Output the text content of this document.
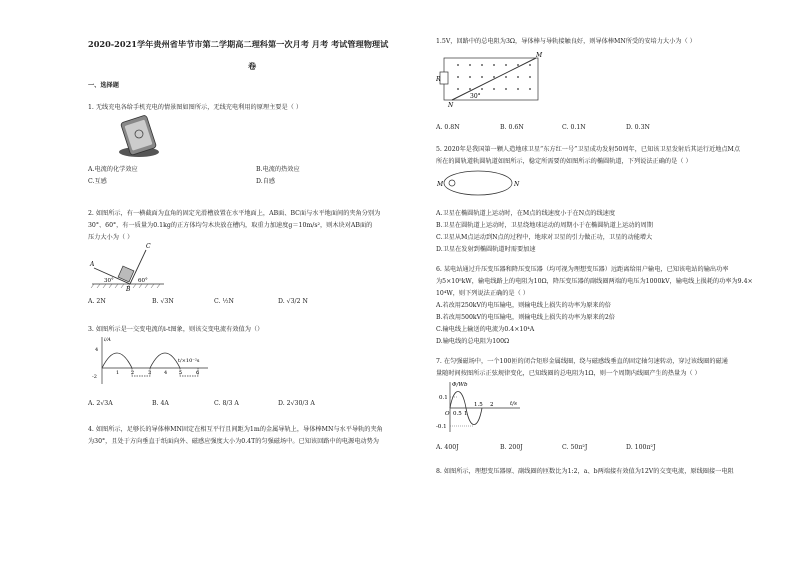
2020-2021学年贵州省毕节市第二学期高二理科第一次月考 月考 考试管理物理试
卷
一、选择题
1. 无线充电各给手机充电的情景图如图所示，无线充电利用的原理主要是（ ）
A.电流的化学效应	B.电流的热效应
C.互感	D.自感
2. 如图所示，有一横截面为直角的固定光滑槽放置在水平地面上，AB面、BC面与水平地面间的夹角分别为
30°、60°，有一质量为0.1kg的正方体均匀木块放在槽内，取重力加速度g＝10m/s²，则木块对AB面的
压力大小为（ ）
A
B
C
30°	60°
A. 2N	B. √3N	C. ½N	D. √3/2 N
3. 如图所示是一交变电流的i-t图象，则该交变电流有效值为（）
i/A
t/×10⁻²s
4
-2
1 2	3	4 5	6
A. 2√3A	B. 4A	C. 8/3 A	D. 2√30/3 A
4. 如图所示，足够长的导体棒MN固定在相互平行且间距为1m的金属导轨上，导体棒MN与水平导轨的夹角
为30°，且处于方向垂直于纸面向外、磁感应强度大小为0.4T的匀强磁场中。已知该回路中的电源电动势为
1.5V，回路中的总电阻为3Ω，导体棒与导轨接触良好，则导体棒MN所受的安培力大小为（ ）
R
M
N
30°
A. 0.8N	B. 0.6N	C. 0.1N	D. 0.3N
5. 2020年是我国第一颗人造地球卫星“东方红一号”卫星成功发射50周年，已知该卫星发射后其运行近地点M点
所在的圆轨道轨圆轨道如图所示，稳定所需要的如图所示的椭圆轨道，下列说法正确的是（ ）
M	N
A.卫星在椭圆轨道上运动时，在M点的线速度小于在N点的线速度
B.卫星在圆轨道上运动时，卫星绕地球运动的周期小于在椭圆轨道上运动的周期
C.卫星从M点运动到N点的过程中，地球对卫星的引力做正功，卫星的动能增大
D.卫星在发射到椭圆轨道时需要加速
6. 某电站通过升压变压器和降压变压器（均可视为理想变压器）远距离给用户输电，已知该电站的输出功率
为5×10⁵kW，输电线路上的电阻为10Ω，降压变压器的副线圈两端的电压为1000kV，输电线上损耗的功率为9.4×
10⁴W，则下列说法正确的是（ ）
A.若改用250kV的电压输电，则输电线上损失的功率为原来的倍
B.若改用500kV的电压输电，则输电线上损失的功率为原来的2倍
C.输电线上输送的电流为0.4×10⁴A
D.输电线的总电阻为100Ω
7. 在匀强磁场中，一个100匝的闭合矩形金属线圈，绕与磁感线垂直的固定轴匀速转动，穿过该线圈的磁通
量随时间按图所示正弦规律变化，已知线圈的总电阻为1Ω，则一个周期内线圈产生的热量为（ ）
Φ/Wb
t/s
0.1
-0.1
O 0.5 1
1.5 2
A. 400J	B. 200J	C. 50π²J	D. 100π²J
8. 如图所示，理想变压器原、副线圈的匝数比为1:2，a、b两端接有效值为12V的交变电流，原线圈接一电阻
